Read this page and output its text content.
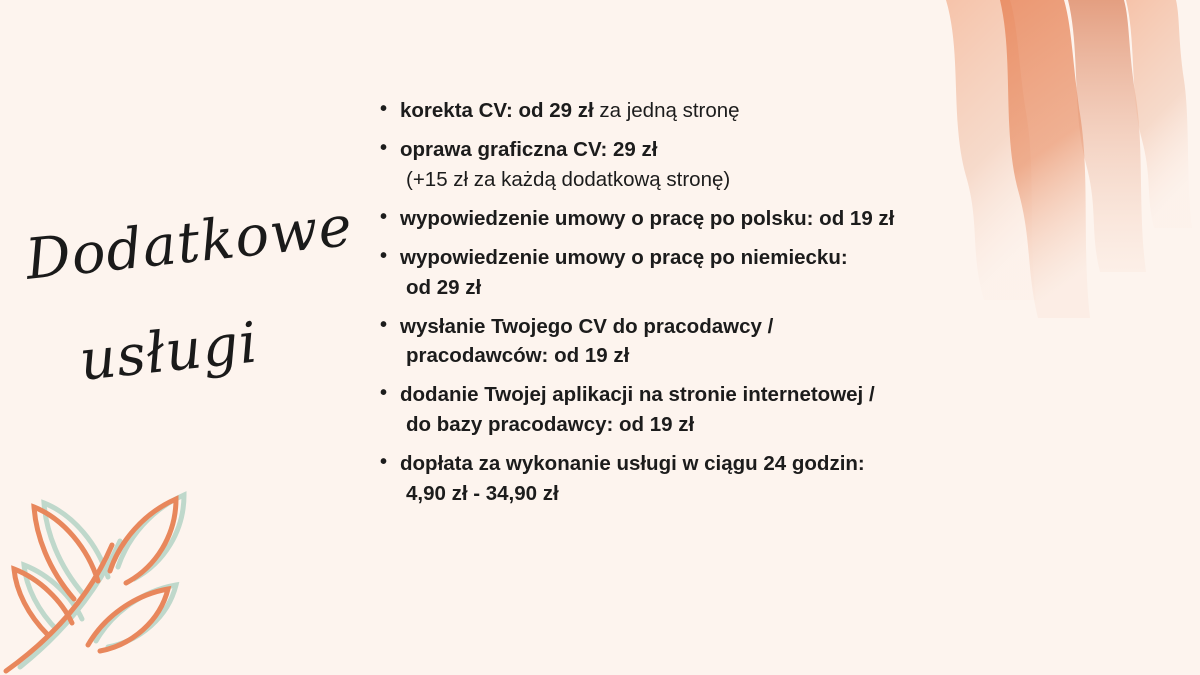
Dodatkowe
usługi
• korekta CV: od 29 zł za jedną stronę
• oprawa graficzna CV: 29 zł
(+15 zł za każdą dodatkową stronę)
• wypowiedzenie umowy o pracę po polsku: od 19 zł
• wypowiedzenie umowy o pracę po niemiecku:
od 29 zł
• wysłanie Twojego CV do pracodawcy /
pracodawców: od 19 zł
• dodanie Twojej aplikacji na stronie internetowej /
do bazy pracodawcy: od 19 zł
• dopłata za wykonanie usługi w ciągu 24 godzin:
4,90 zł - 34,90 zł
